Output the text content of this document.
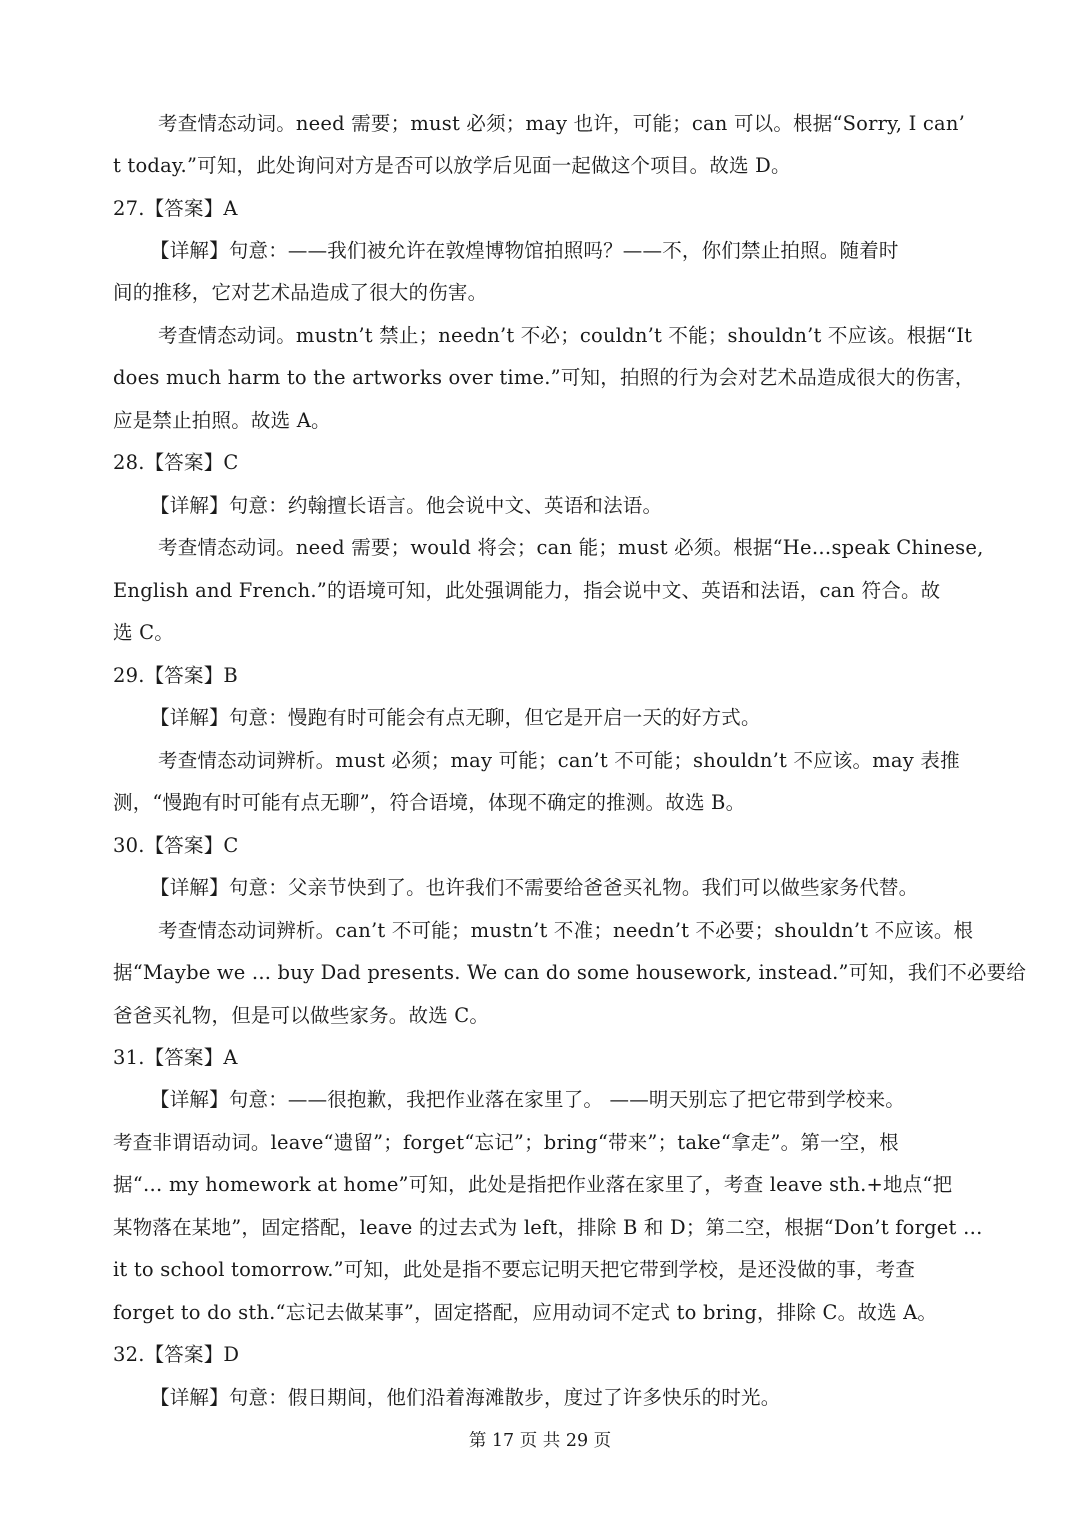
考查情态动词。need 需要；must 必须；may 也许，可能；can 可以。根据“Sorry, I can’
t today.”可知，此处询问对方是否可以放学后见面一起做这个项目。故选 D。
27.【答案】A
【详解】句意：——我们被允许在敦煌博物馆拍照吗？——不，你们禁止拍照。随着时
间的推移，它对艺术品造成了很大的伤害。
考查情态动词。mustn’t 禁止；needn’t 不必；couldn’t 不能；shouldn’t 不应该。根据“It
does much harm to the artworks over time.”可知，拍照的行为会对艺术品造成很大的伤害，
应是禁止拍照。故选 A。
28.【答案】C
【详解】句意：约翰擅长语言。他会说中文、英语和法语。
考查情态动词。need 需要；would 将会；can 能；must 必须。根据“He…speak Chinese,
English and French.”的语境可知，此处强调能力，指会说中文、英语和法语，can 符合。故
选 C。
29.【答案】B
【详解】句意：慢跑有时可能会有点无聊，但它是开启一天的好方式。
考查情态动词辨析。must 必须；may 可能；can’t 不可能；shouldn’t 不应该。may 表推
测，“慢跑有时可能有点无聊”，符合语境，体现不确定的推测。故选 B。
30.【答案】C
【详解】句意：父亲节快到了。也许我们不需要给爸爸买礼物。我们可以做些家务代替。
考查情态动词辨析。can’t 不可能；mustn’t 不准；needn’t 不必要；shouldn’t 不应该。根
据“Maybe we ... buy Dad presents. We can do some housework, instead.”可知，我们不必要给
爸爸买礼物，但是可以做些家务。故选 C。
31.【答案】A
【详解】句意：——很抱歉，我把作业落在家里了。 ——明天别忘了把它带到学校来。
考查非谓语动词。leave“遗留”；forget“忘记”；bring“带来”；take“拿走”。第一空，根
据“… my homework at home”可知，此处是指把作业落在家里了，考查 leave sth.+地点“把
某物落在某地”，固定搭配，leave 的过去式为 left，排除 B 和 D；第二空，根据“Don’t forget …
it to school tomorrow.”可知，此处是指不要忘记明天把它带到学校，是还没做的事，考查
forget to do sth.“忘记去做某事”，固定搭配，应用动词不定式 to bring，排除 C。故选 A。
32.【答案】D
【详解】句意：假日期间，他们沿着海滩散步，度过了许多快乐的时光。
第 17 页 共 29 页
